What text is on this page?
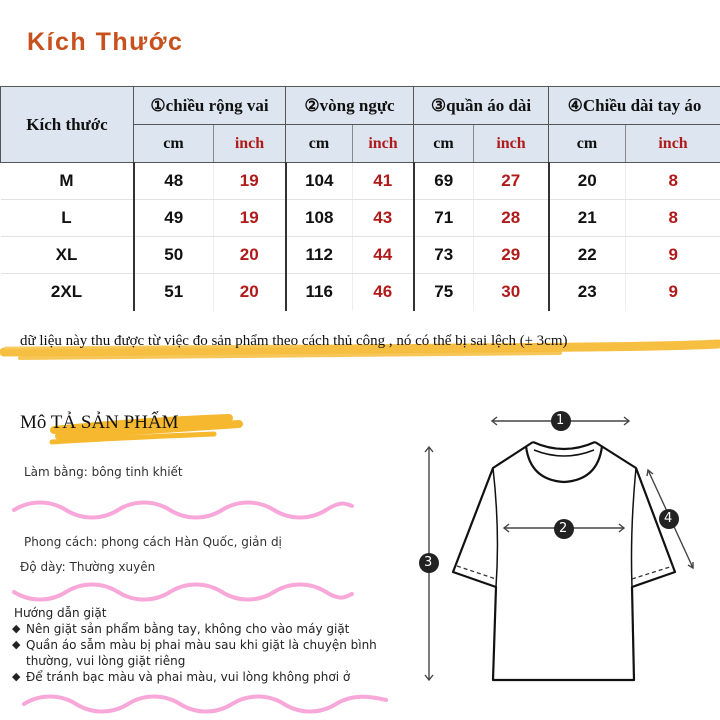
Kích Thước
Kích thước	①chiều rộng vai		②vòng ngực		③quần áo dài		④Chiều dài tay áo	
	cm	inch	cm	inch	cm	inch	cm	inch
M	48	19	104	41	69	27	20	8
L	49	19	108	43	71	28	21	8
XL	50	20	112	44	73	29	22	9
2XL	51	20	116	46	75	30	23	9
dữ liệu này thu được từ việc đo sản phẩm theo cách thủ công , nó có thể bị sai lệch (± 3cm)
Mô TẢ SẢN PHẨM
Làm bằng: bông tinh khiết
Phong cách: phong cách Hàn Quốc, giản dị
Độ dày: Thường xuyên
Hướng dẫn giặt
◆ Nên giặt sản phẩm bằng tay, không cho vào máy giặt
◆ Quần áo sẫm màu bị phai màu sau khi giặt là chuyện bình thường, vui lòng giặt riêng
◆ Để tránh bạc màu và phai màu, vui lòng không phơi ở
1
2
3
4
